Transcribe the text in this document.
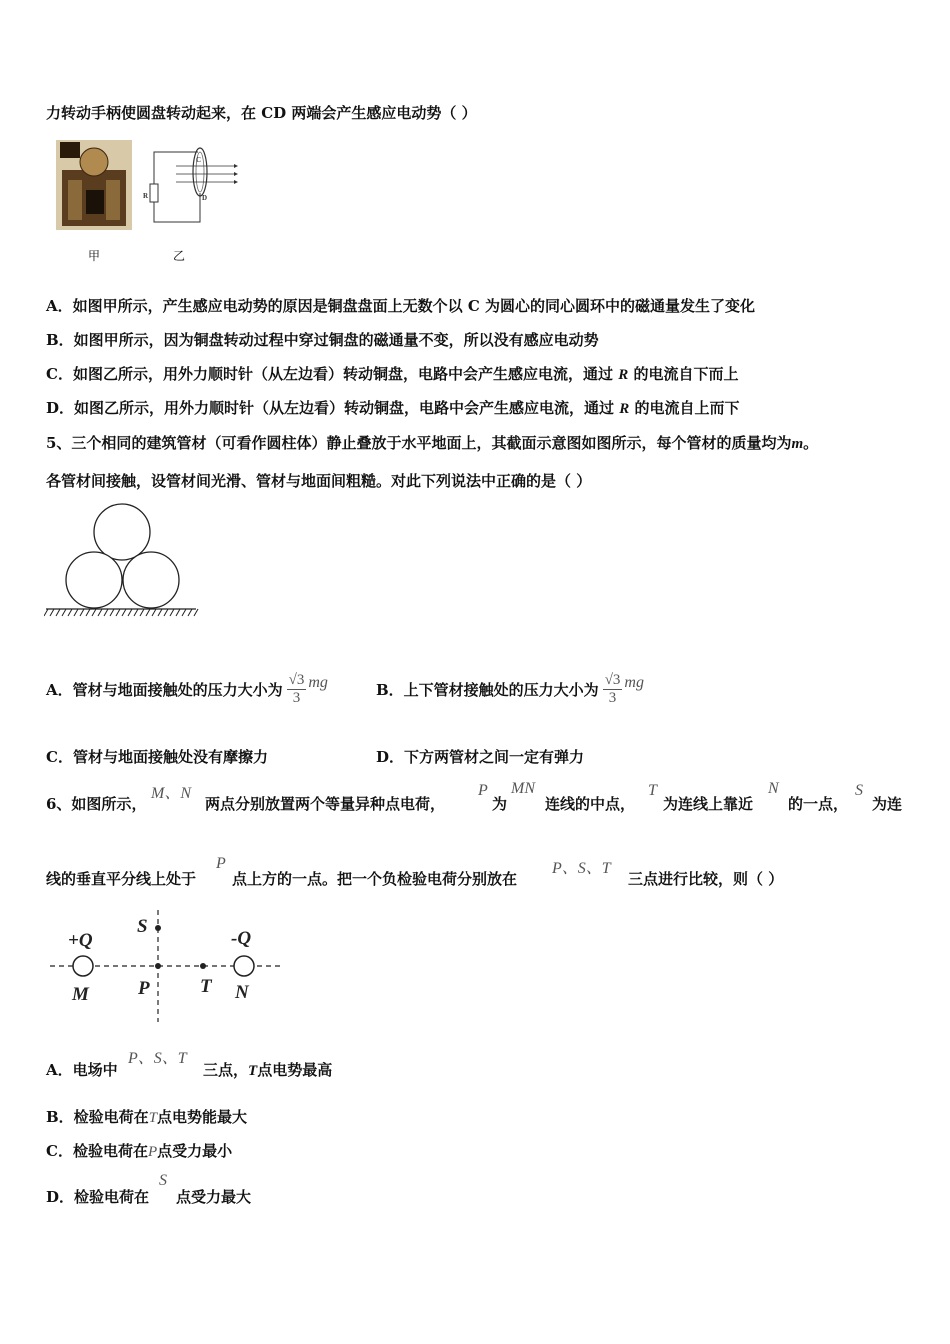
力转动手柄使圆盘转动起来，在 CD 两端会产生感应电动势（ ）
C
D
R
甲	乙
A．如图甲所示，产生感应电动势的原因是铜盘盘面上无数个以 C 为圆心的同心圆环中的磁通量发生了变化
B．如图甲所示，因为铜盘转动过程中穿过铜盘的磁通量不变，所以没有感应电动势
C．如图乙所示，用外力顺时针（从左边看）转动铜盘，电路中会产生感应电流，通过 R 的电流自下而上
D．如图乙所示，用外力顺时针（从左边看）转动铜盘，电路中会产生感应电流，通过 R 的电流自上而下
5、三个相同的建筑管材（可看作圆柱体）静止叠放于水平地面上，其截面示意图如图所示，每个管材的质量均为m。
各管材间接触，设管材间光滑、管材与地面间粗糙。对此下列说法中正确的是（ ）
A．管材与地面接触处的压力大小为 $\frac{√3}{3}$ mg	B．上下管材接触处的压力大小为 $\frac{√3}{3}$ mg
C．管材与地面接触处没有摩擦力	D．下方两管材之间一定有弹力
6、如图所示，
M、N
两点分别放置两个等量异种点电荷，
P
为
MN
连线的中点，
T
为连线上靠近
N
的一点，
S
为连
线的垂直平分线上处于
P
点上方的一点。把一个负检验电荷分别放在
P、S、T
三点进行比较，则（ ）
+Q	-Q
S
M	P	T N
A．电场中
P、S、T
三点，T点电势最高
B．检验电荷在T点电势能最大
C．检验电荷在P点受力最小
D．检验电荷在
S
点受力最大
